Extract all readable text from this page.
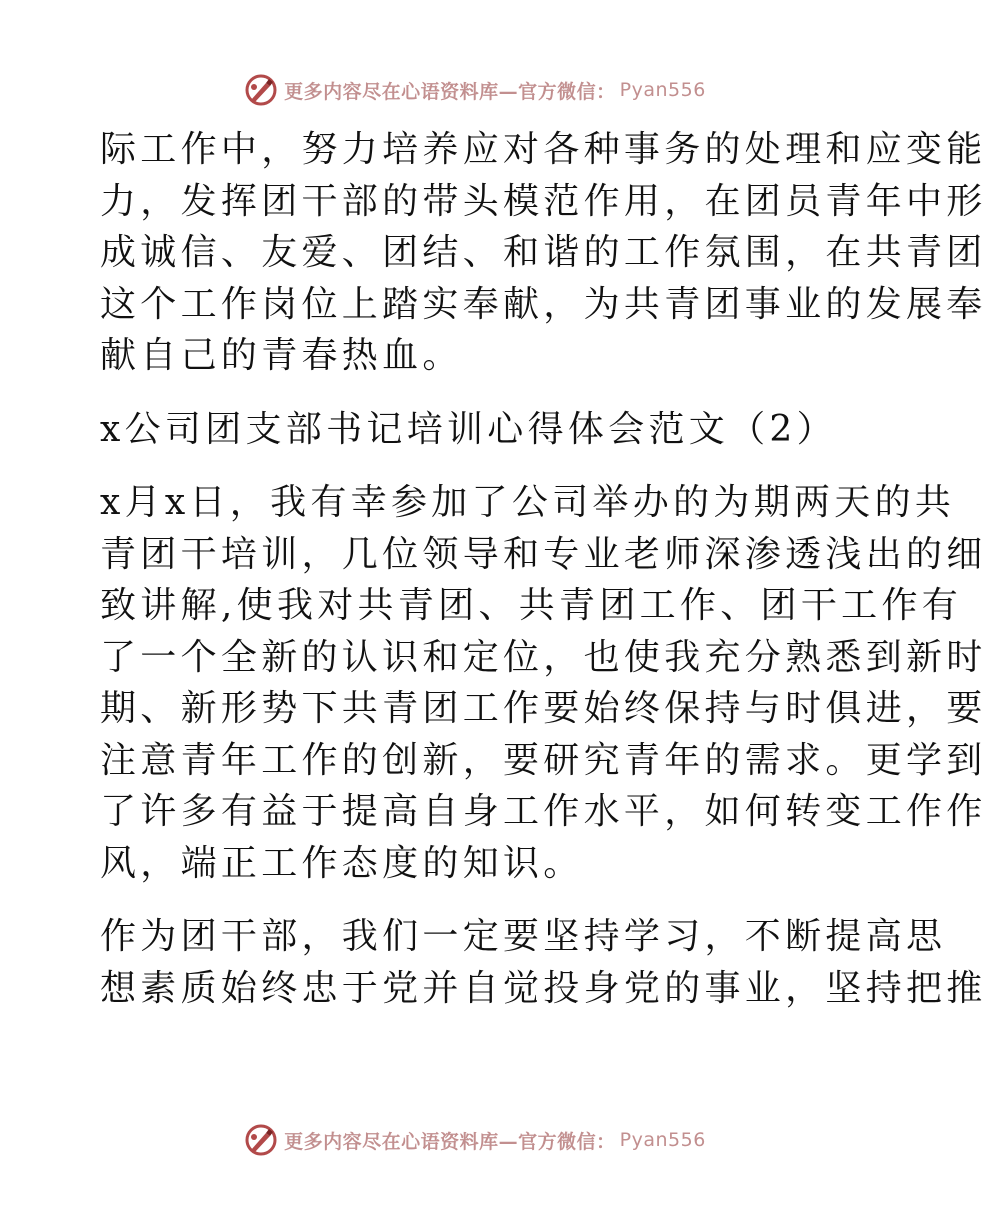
更多内容尽在心语资料库—官方微信： Pyan556
际工作中，努力培养应对各种事务的处理和应变能
力，发挥团干部的带头模范作用，在团员青年中形
成诚信、友爱、团结、和谐的工作氛围，在共青团
这个工作岗位上踏实奉献，为共青团事业的发展奉
献自己的青春热血。
x公司团支部书记培训心得体会范文（2）
x月x日，我有幸参加了公司举办的为期两天的共
青团干培训，几位领导和专业老师深渗透浅出的细
致讲解,使我对共青团、共青团工作、团干工作有
了一个全新的认识和定位，也使我充分熟悉到新时
期、新形势下共青团工作要始终保持与时俱进，要
注意青年工作的创新，要研究青年的需求。更学到
了许多有益于提高自身工作水平，如何转变工作作
风，端正工作态度的知识。
作为团干部，我们一定要坚持学习，不断提高思
想素质始终忠于党并自觉投身党的事业，坚持把推
更多内容尽在心语资料库—官方微信： Pyan556
